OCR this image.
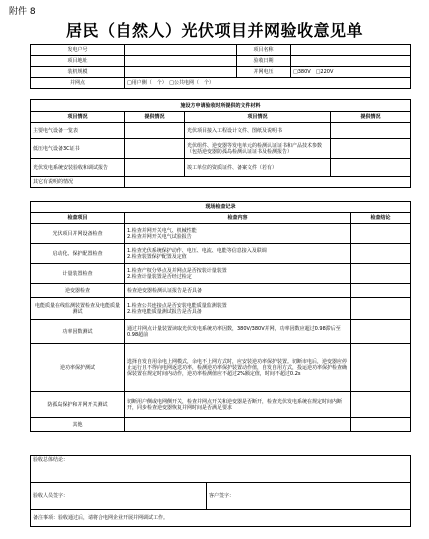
附件 8
居民（自然人）光伏项目并网验收意见单
发电户号		项目名称	
项目地址		验收日期	
装机规模		并网电压	□380V　□220V
并网点	□用户侧（　个）　□公共电网（　个）		
施设方申请验收时所提供的文件材料			
项目情况	提供情况	项目情况	提供情况
主要电气设备一览表		光伏项目接入工程设计文件、图纸及说明书	
低压电气设备3C证书		光伏组件、逆变器等发电单元的检测认证证书和产品技术参数（包括逆变器防孤岛检测认证证书及检测报告）	
光伏发电系统安装验收和调试报告		竣工单位的资质证件、备案文件（若有）	
其它有说明的情况			
现场检查记录		
检查项目	检查内容	检查结论
光伏项目并网设备检查	1.检查并网开关电气、机械性能
2.检查并网开关电气试验报告	
启动化、保护配置检查	1.检查光伏系统保护动作、电压、电流、电能等信息接入及联调
2.检查装置保护配置及定值	
计量装置检查	1.检查产权分界点及并网点是否按装计量装置
2.检查计量装置是否经过检定	
逆变器检查	检查逆变器检测认证报告是否具备	
电能质量在线监测装置检查及电能质量测试	1.检查公共连接点是否安装电能质量监测装置
2.检查电能质量测试报告是否具备	
功率因数测试	通过并网点计量装置读取光伏发电系统功率因数，380V/380V并网，功率因数应超过0.98滞后至0.98超前	
逆功率保护测试	选择自发自用余电上网模式，余电不上网方式时，应安装逆功率保护装置。切断市电后，逆变器应停止运行且不得向电网返送功率，检测逆功率保护装置动作值，自发自用方式，投运逆功率保护检查确保装置在规定时间内动作，逆功率检测值应不超过2%额定值，时间不超过0.2s	
防孤岛保护和并网开关测试	切断用户侧或电网侧开关，检查并网点开关和逆变器是否断开，检查光伏发电系统在规定时间内断开，同步检查逆变器恢复并网时间是否满足要求	
其他		
验收总体结论：
验收人员签字：	客户签字：
备注事项：验收通过后，请将合电网企业开展并网调试工作。
